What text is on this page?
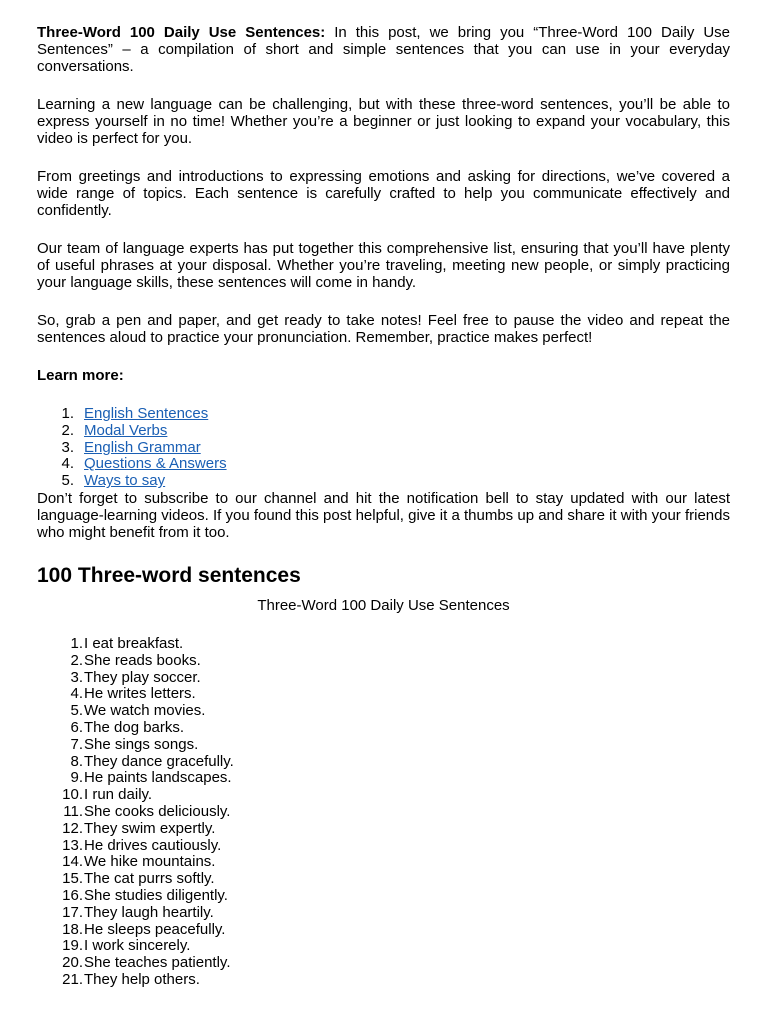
Three-Word 100 Daily Use Sentences: In this post, we bring you “Three-Word 100 Daily Use Sentences” – a compilation of short and simple sentences that you can use in your everyday conversations.

Learning a new language can be challenging, but with these three-word sentences, you’ll be able to express yourself in no time! Whether you’re a beginner or just looking to expand your vocabulary, this video is perfect for you.

From greetings and introductions to expressing emotions and asking for directions, we’ve covered a wide range of topics. Each sentence is carefully crafted to help you communicate effectively and confidently.

Our team of language experts has put together this comprehensive list, ensuring that you’ll have plenty of useful phrases at your disposal. Whether you’re traveling, meeting new people, or simply practicing your language skills, these sentences will come in handy.

So, grab a pen and paper, and get ready to take notes! Feel free to pause the video and repeat the sentences aloud to practice your pronunciation. Remember, practice makes perfect!

Learn more:
1. English Sentences
2. Modal Verbs
3. English Grammar
4. Questions & Answers
5. Ways to say

Don’t forget to subscribe to our channel and hit the notification bell to stay updated with our latest language-learning videos. If you found this post helpful, give it a thumbs up and share it with your friends who might benefit from it too.

100 Three-word sentences
Three-Word 100 Daily Use Sentences
1. I eat breakfast.
2. She reads books.
3. They play soccer.
4. He writes letters.
5. We watch movies.
6. The dog barks.
7. She sings songs.
8. They dance gracefully.
9. He paints landscapes.
10. I run daily.
11. She cooks deliciously.
12. They swim expertly.
13. He drives cautiously.
14. We hike mountains.
15. The cat purrs softly.
16. She studies diligently.
17. They laugh heartily.
18. He sleeps peacefully.
19. I work sincerely.
20. She teaches patiently.
21. They help others.
